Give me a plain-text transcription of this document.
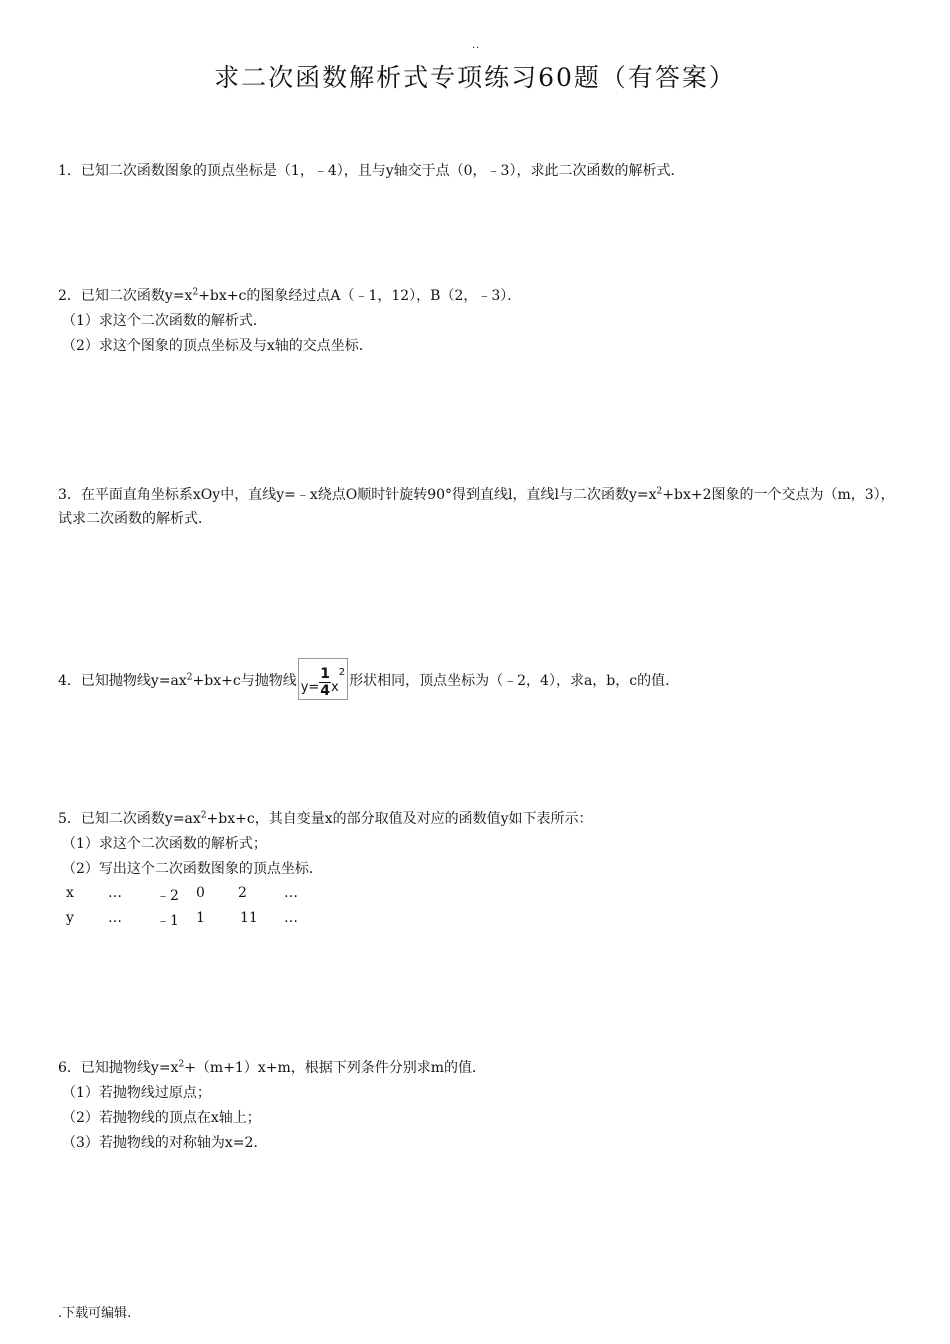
..
求二次函数解析式专项练习60题（有答案）
1．已知二次函数图象的顶点坐标是（1，﹣4），且与y轴交于点（0，﹣3），求此二次函数的解析式．
2．已知二次函数$y=x^2+bx+c$的图象经过点A（﹣1，12），B（2，﹣3）．
（1）求这个二次函数的解析式．
（2）求这个图象的顶点坐标及与x轴的交点坐标．
3．在平面直角坐标系xOy中，直线y=﹣x绕点O顺时针旋转90°得到直线l，直线l与二次函数$y=x^2+bx+2$图象的一个交点为（m，3），试求二次函数的解析式．
4．已知抛物线$y=ax^2+bx+c$与抛物线 $y= \frac{1}{4} x^2$形状相同，顶点坐标为（﹣2，4），求a，b，c的值．
5．已知二次函数$y=ax^2+bx+c$，其自变量x的部分取值及对应的函数值y如下表所示：
（1）求这个二次函数的解析式；
（2）写出这个二次函数图象的顶点坐标．
x … ﹣2 0 2	…
y … ﹣1 1	11 …
6．已知抛物线$y=x^2+(m+1)x+m$，根据下列条件分别求m的值．
（1）若抛物线过原点；
（2）若抛物线的顶点在x轴上；
（3）若抛物线的对称轴为x=2．
.下载可编辑.
